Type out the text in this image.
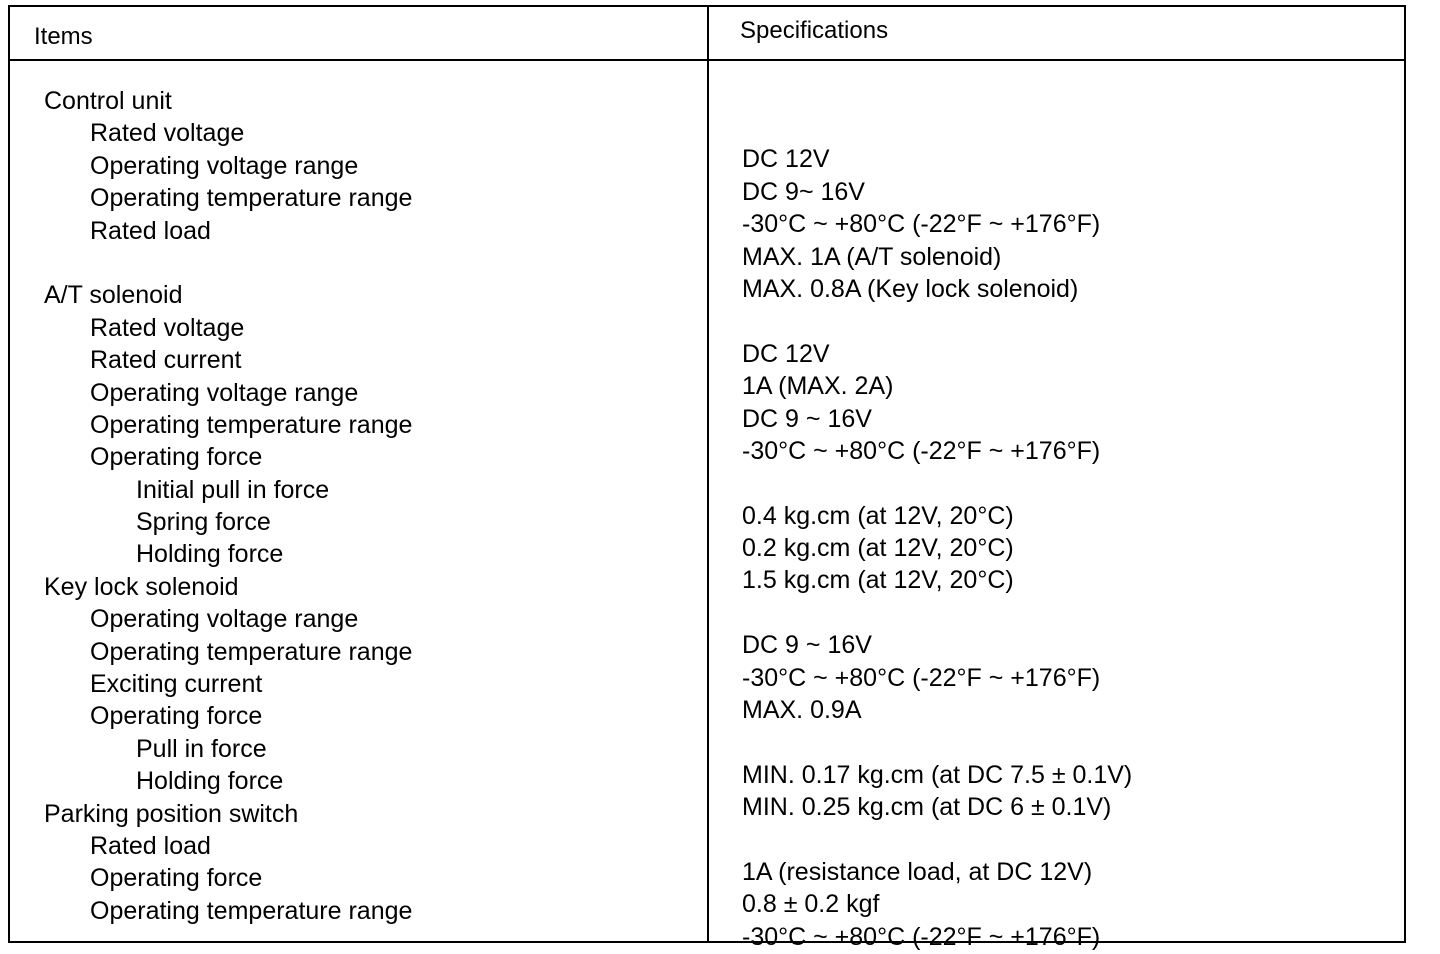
Items	Specifications
Control unit
Rated voltage
Operating voltage range
Operating temperature range
Rated load
A/T solenoid
Rated voltage
Rated current
Operating voltage range
Operating temperature range
Operating force
Initial pull in force
Spring force
Holding force
Key lock solenoid
Operating voltage range
Operating temperature range
Exciting current
Operating force
Pull in force
Holding force
Parking position switch
Rated load
Operating force
Operating temperature range
DC 12V
DC 9~ 16V
-30°C ~ +80°C (-22°F ~ +176°F)
MAX. 1A (A/T solenoid)
MAX. 0.8A (Key lock solenoid)
DC 12V
1A (MAX. 2A)
DC 9 ~ 16V
-30°C ~ +80°C (-22°F ~ +176°F)
0.4 kg.cm (at 12V, 20°C)
0.2 kg.cm (at 12V, 20°C)
1.5 kg.cm (at 12V, 20°C)
DC 9 ~ 16V
-30°C ~ +80°C (-22°F ~ +176°F)
MAX. 0.9A
MIN. 0.17 kg.cm (at DC 7.5 ± 0.1V)
MIN. 0.25 kg.cm (at DC 6 ± 0.1V)
1A (resistance load, at DC 12V)
0.8 ± 0.2 kgf
-30°C ~ +80°C (-22°F ~ +176°F)
